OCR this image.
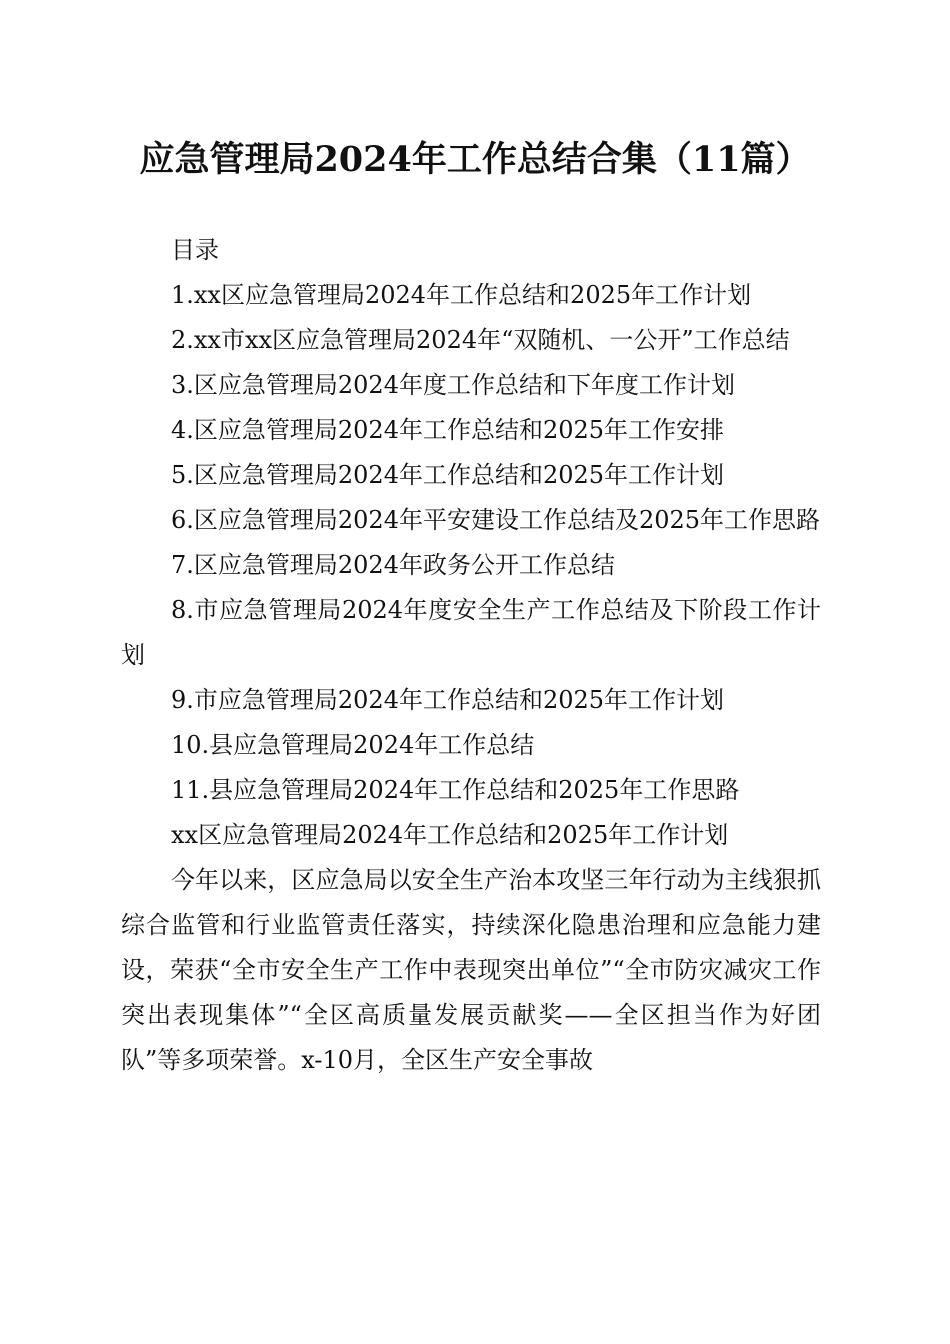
应急管理局2024年工作总结合集（11篇）

目录

1.xx区应急管理局2024年工作总结和2025年工作计划

2.xx市xx区应急管理局2024年“双随机、一公开”工作总结

3.区应急管理局2024年度工作总结和下年度工作计划

4.区应急管理局2024年工作总结和2025年工作安排

5.区应急管理局2024年工作总结和2025年工作计划

6.区应急管理局2024年平安建设工作总结及2025年工作思路

7.区应急管理局2024年政务公开工作总结

8.市应急管理局2024年度安全生产工作总结及下阶段工作计划

9.市应急管理局2024年工作总结和2025年工作计划

10.县应急管理局2024年工作总结

11.县应急管理局2024年工作总结和2025年工作思路

xx区应急管理局2024年工作总结和2025年工作计划

今年以来，区应急局以安全生产治本攻坚三年行动为主线狠抓综合监管和行业监管责任落实，持续深化隐患治理和应急能力建设，荣获“全市安全生产工作中表现突出单位”“全市防灾减灾工作突出表现集体”“全区高质量发展贡献奖——全区担当作为好团队”等多项荣誉。x-10月，全区生产安全事故
